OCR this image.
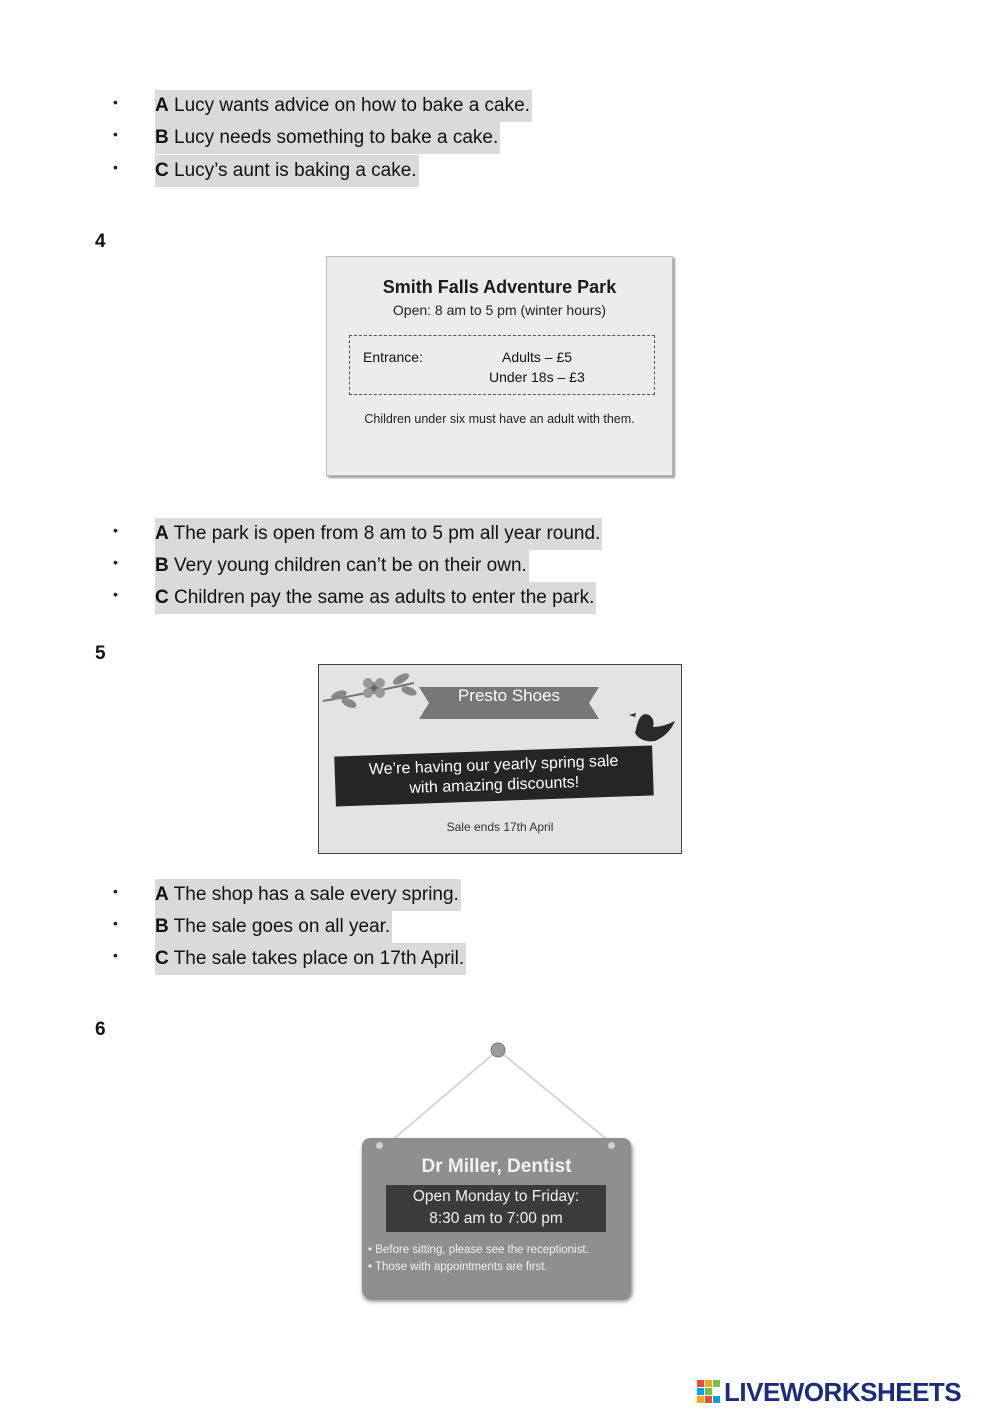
• A Lucy wants advice on how to bake a cake.
• B Lucy needs something to bake a cake.
• C Lucy’s aunt is baking a cake.
4
Smith Falls Adventure Park
Open: 8 am to 5 pm (winter hours)
Entrance:	Adults – £5
Under 18s – £3
Children under six must have an adult with them.
• A The park is open from 8 am to 5 pm all year round.
• B Very young children can’t be on their own.
• C Children pay the same as adults to enter the park.
5
Presto Shoes
We’re having our yearly spring sale
with amazing discounts!
Sale ends 17th April
• A The shop has a sale every spring.
• B The sale goes on all year.
• C The sale takes place on 17th April.
6
Dr Miller, Dentist
Open Monday to Friday:
8:30 am to 7:00 pm
• Before sitting, please see the receptionist.
• Those with appointments are first.
LIVEWORKSHEETS
